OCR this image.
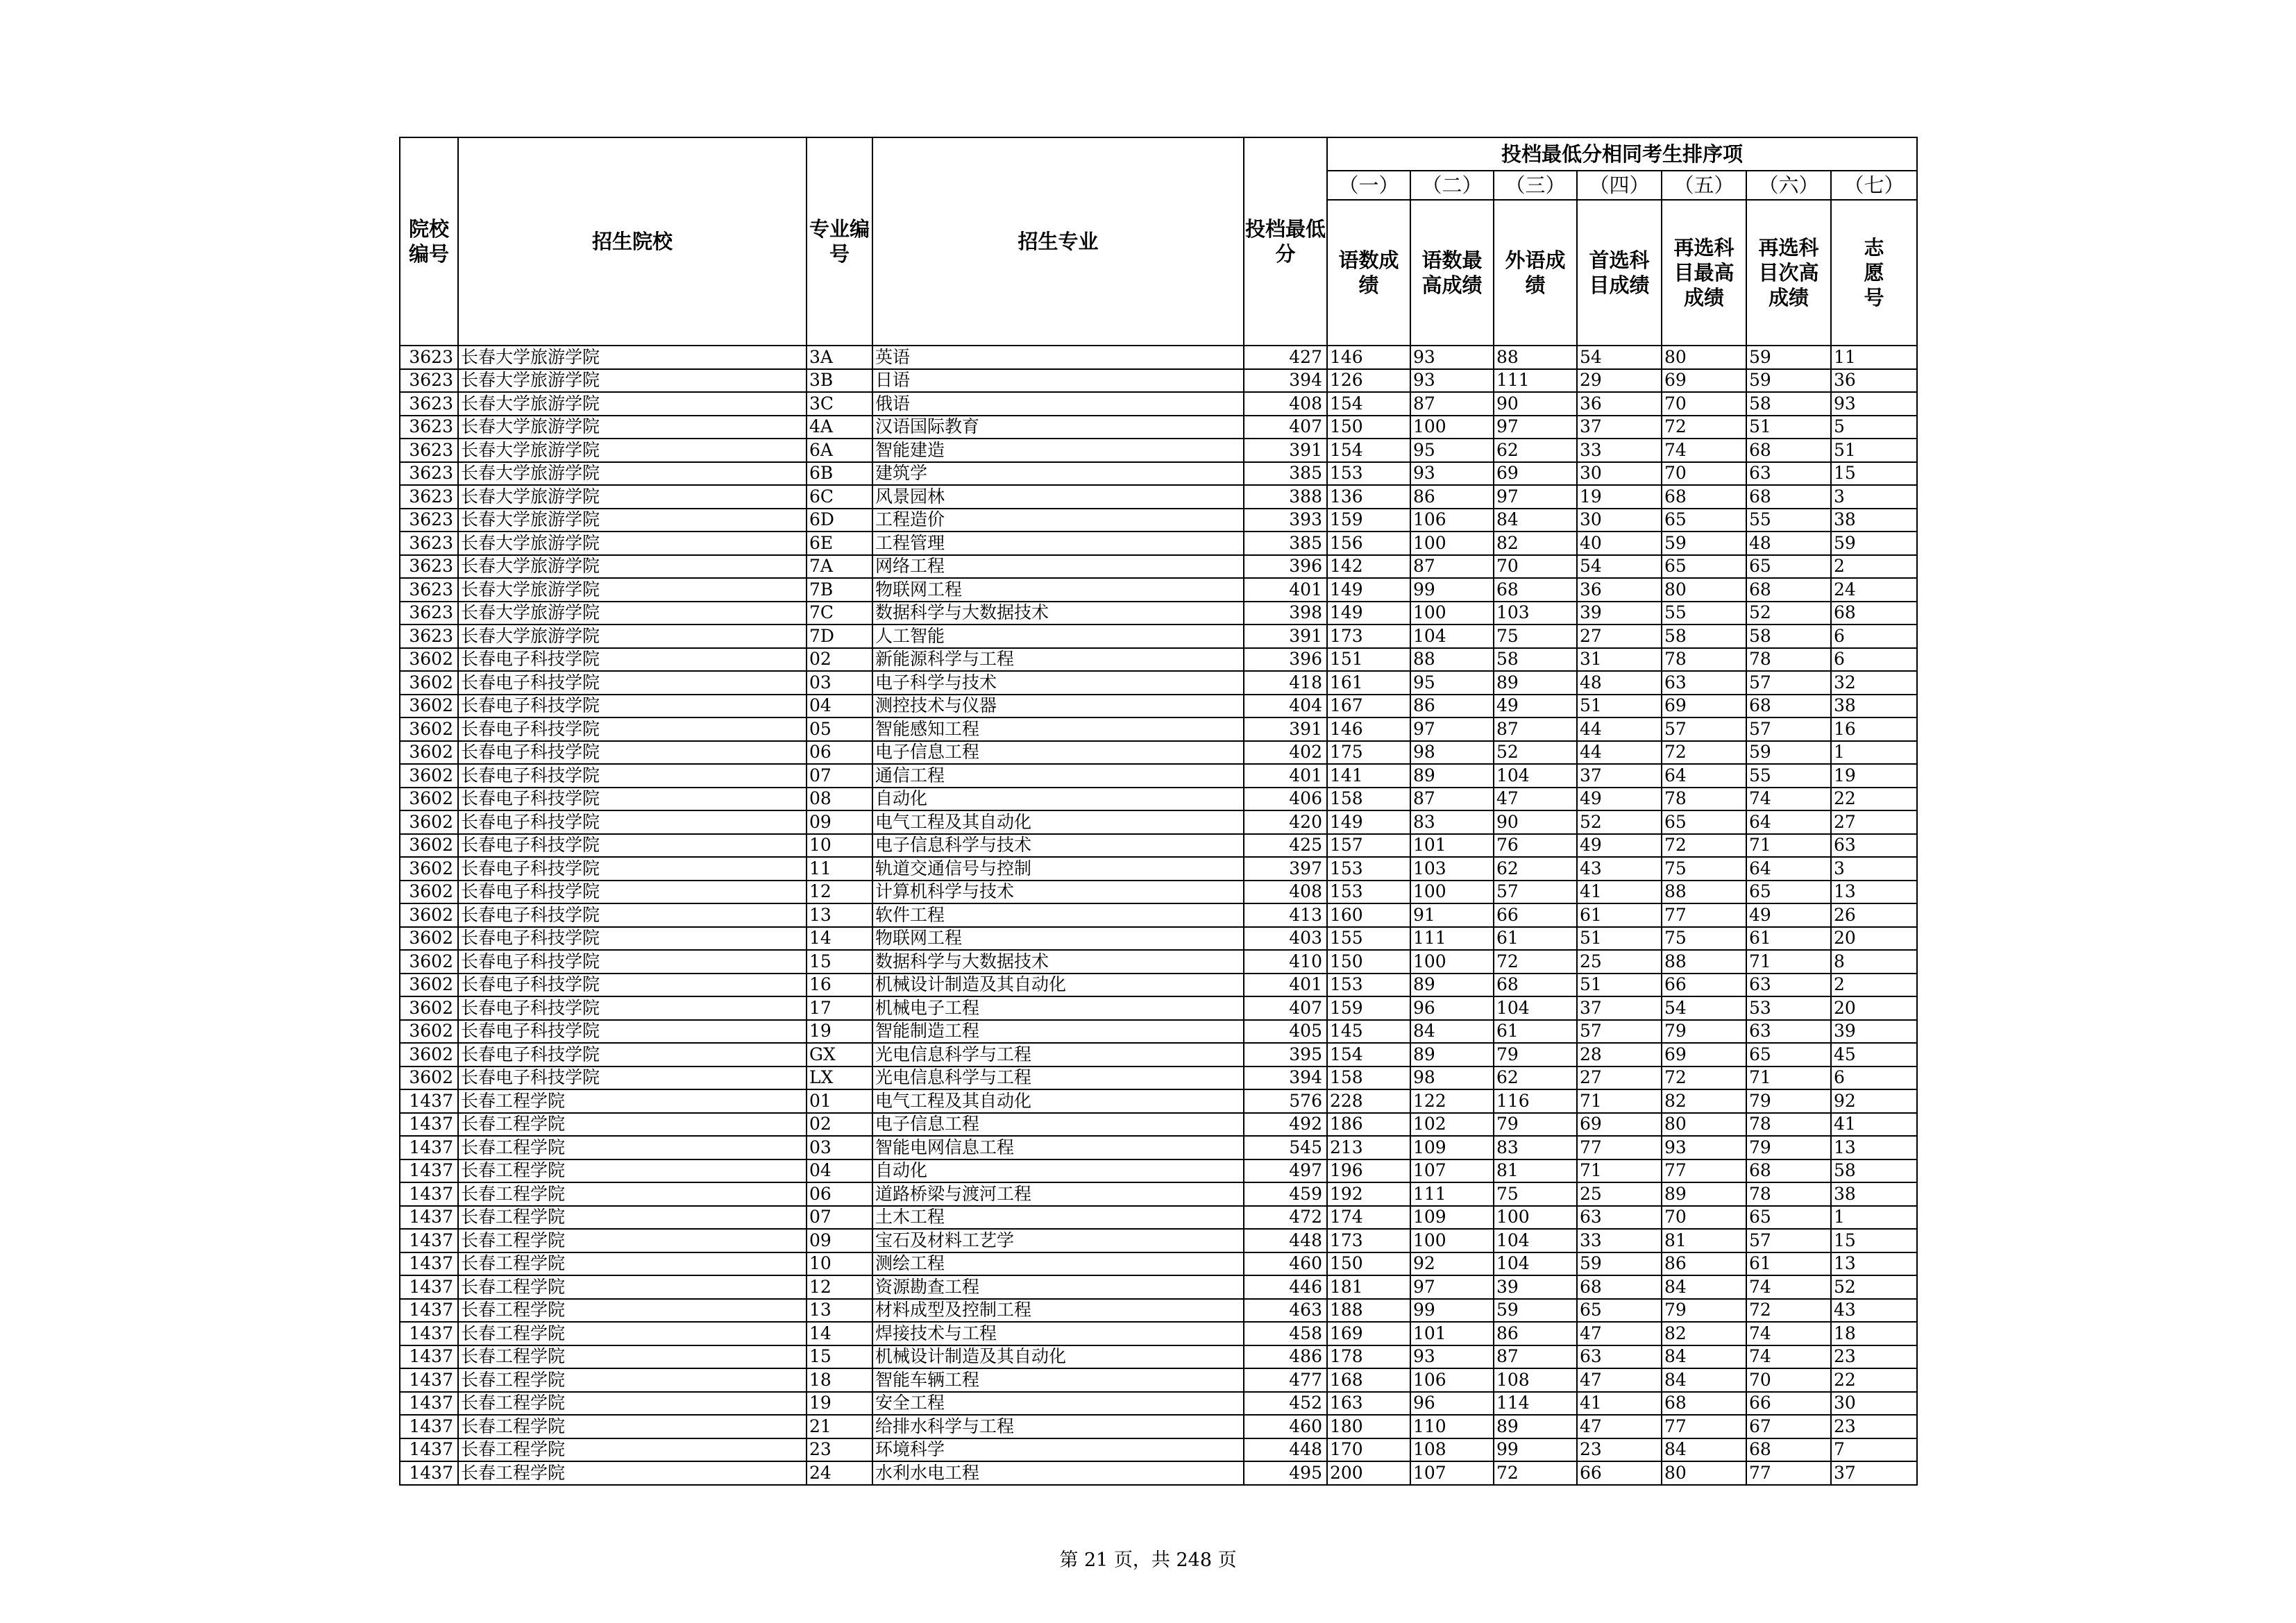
院校编号	招生院校	专业编号	招生专业	投档最低分	投档最低分相同考生排序项						
					（一）	（二）	（三）	（四）	（五）	（六）	（七）
					语数成绩	语数最高成绩	外语成绩	首选科目成绩	再选科目最高成绩	再选科目次高成绩	志愿号
3623	长春大学旅游学院	3A	英语	427	146	93	88	54	80	59	11
3623	长春大学旅游学院	3B	日语	394	126	93	111	29	69	59	36
3623	长春大学旅游学院	3C	俄语	408	154	87	90	36	70	58	93
3623	长春大学旅游学院	4A	汉语国际教育	407	150	100	97	37	72	51	5
3623	长春大学旅游学院	6A	智能建造	391	154	95	62	33	74	68	51
3623	长春大学旅游学院	6B	建筑学	385	153	93	69	30	70	63	15
3623	长春大学旅游学院	6C	风景园林	388	136	86	97	19	68	68	3
3623	长春大学旅游学院	6D	工程造价	393	159	106	84	30	65	55	38
3623	长春大学旅游学院	6E	工程管理	385	156	100	82	40	59	48	59
3623	长春大学旅游学院	7A	网络工程	396	142	87	70	54	65	65	2
3623	长春大学旅游学院	7B	物联网工程	401	149	99	68	36	80	68	24
3623	长春大学旅游学院	7C	数据科学与大数据技术	398	149	100	103	39	55	52	68
3623	长春大学旅游学院	7D	人工智能	391	173	104	75	27	58	58	6
3602	长春电子科技学院	02	新能源科学与工程	396	151	88	58	31	78	78	6
3602	长春电子科技学院	03	电子科学与技术	418	161	95	89	48	63	57	32
3602	长春电子科技学院	04	测控技术与仪器	404	167	86	49	51	69	68	38
3602	长春电子科技学院	05	智能感知工程	391	146	97	87	44	57	57	16
3602	长春电子科技学院	06	电子信息工程	402	175	98	52	44	72	59	1
3602	长春电子科技学院	07	通信工程	401	141	89	104	37	64	55	19
3602	长春电子科技学院	08	自动化	406	158	87	47	49	78	74	22
3602	长春电子科技学院	09	电气工程及其自动化	420	149	83	90	52	65	64	27
3602	长春电子科技学院	10	电子信息科学与技术	425	157	101	76	49	72	71	63
3602	长春电子科技学院	11	轨道交通信号与控制	397	153	103	62	43	75	64	3
3602	长春电子科技学院	12	计算机科学与技术	408	153	100	57	41	88	65	13
3602	长春电子科技学院	13	软件工程	413	160	91	66	61	77	49	26
3602	长春电子科技学院	14	物联网工程	403	155	111	61	51	75	61	20
3602	长春电子科技学院	15	数据科学与大数据技术	410	150	100	72	25	88	71	8
3602	长春电子科技学院	16	机械设计制造及其自动化	401	153	89	68	51	66	63	2
3602	长春电子科技学院	17	机械电子工程	407	159	96	104	37	54	53	20
3602	长春电子科技学院	19	智能制造工程	405	145	84	61	57	79	63	39
3602	长春电子科技学院	GX	光电信息科学与工程	395	154	89	79	28	69	65	45
3602	长春电子科技学院	LX	光电信息科学与工程	394	158	98	62	27	72	71	6
1437	长春工程学院	01	电气工程及其自动化	576	228	122	116	71	82	79	92
1437	长春工程学院	02	电子信息工程	492	186	102	79	69	80	78	41
1437	长春工程学院	03	智能电网信息工程	545	213	109	83	77	93	79	13
1437	长春工程学院	04	自动化	497	196	107	81	71	77	68	58
1437	长春工程学院	06	道路桥梁与渡河工程	459	192	111	75	25	89	78	38
1437	长春工程学院	07	土木工程	472	174	109	100	63	70	65	1
1437	长春工程学院	09	宝石及材料工艺学	448	173	100	104	33	81	57	15
1437	长春工程学院	10	测绘工程	460	150	92	104	59	86	61	13
1437	长春工程学院	12	资源勘查工程	446	181	97	39	68	84	74	52
1437	长春工程学院	13	材料成型及控制工程	463	188	99	59	65	79	72	43
1437	长春工程学院	14	焊接技术与工程	458	169	101	86	47	82	74	18
1437	长春工程学院	15	机械设计制造及其自动化	486	178	93	87	63	84	74	23
1437	长春工程学院	18	智能车辆工程	477	168	106	108	47	84	70	22
1437	长春工程学院	19	安全工程	452	163	96	114	41	68	66	30
1437	长春工程学院	21	给排水科学与工程	460	180	110	89	47	77	67	23
1437	长春工程学院	23	环境科学	448	170	108	99	23	84	68	7
1437	长春工程学院	24	水利水电工程	495	200	107	72	66	80	77	37
第 21 页，共 248 页
